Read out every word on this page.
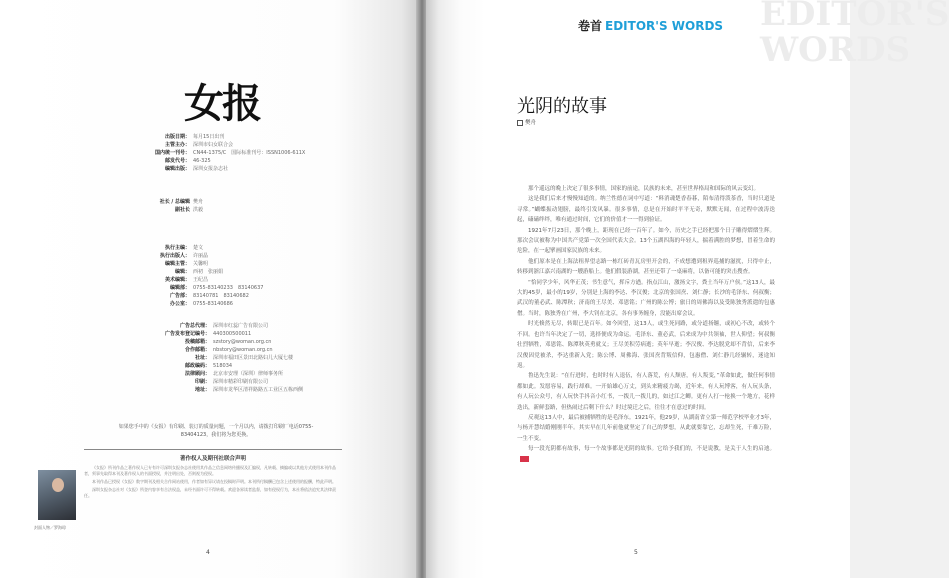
女报
出版日期： 每月15日出刊
主管主办： 深圳市妇女联合会
国内统一刊号： CN44-1375/C　国际标准刊号：ISSN1006-611X
邮发代号： 46-325
编辑出版： 深圳女报杂志社
社长 / 总编辑 樊舟
副社长 洪毅
执行主编： 楚文
执行出版人： 许丽晶
编辑主管： 关馨明
编辑： 西初　张丽娟
美术编辑： 王纪昌
编辑部： 0755-83140233　83140637
广告部： 83140781　83140682
办公室： 0755-83140686
广告总代理： 深圳市红蕊广告有限公司
广告发布登记编号： 440300500011
投稿邮箱： szstory@woman.org.cn
合作邮箱： nbstory@woman.org.cn
社址： 深圳市福田区景田北路妇儿大厦七楼
邮政编码： 518034
法律顾问： 北京市安理（深圳）律师事务所
印刷： 深圳市精彩印刷有限公司
地址： 深圳市龙华区清祥路路五工业区五栋西侧
如果您手中的《女报》有印刷、装订的质量问题，一个月以内，请拨打印刷厂电话0755-83404123，我们将为您更换。
著作权人及期刊社联合声明

《女报》所刊作品之著作权人已专有许可深圳女报杂志社使用其作品之信息网络传播权及汇编权，凡转载、摘编或以其他方式使用本刊作品者，须事先取得本刊及著作权人的书面授权，并注明出处，否则视为侵权。

本刊作品已授权《女报》数字期刊及相关合作网站使用，作者如有异议请在投稿时声明。本刊所付稿酬已包含上述使用的报酬，特此声明。

深圳女报杂志社对《女报》所登内容享有合法权益，未经书面许可不得转载。欢迎各界读者监督，如有侵权行为，本社将依法追究其法律责任。

封面人物／罗海琼
4
EDITOR'S WORDS
卷首 EDITOR'S WORDS
光阴的故事
樊舟

那个遥远的晚上决定了很多事情，国家的前途，民族的未来，甚至世界格局和国际的风云变幻。

这是我们后来才慢慢知道的。纳兰性德在词中写道：“料消魂楚香春暮，陌布清得泼茶香，当时只道是寻常。”蝴蝶振动翅膀，最终引发风暴。很多事情，总是在开始时平平无奇，默默无闻，在过程中波涛迭起，磕磕绊绊，唯有通过时间，它们的价值才一一得到验证。

1921年7月23日，那个晚上，距现在已经一百年了。如今，历史之手已经把那个日子雕得熠熠生辉。那次会议被称为中国共产党第一次全国代表大会。13个五湖四海的年轻人，揣着满腔的梦想，冒着生命的危险，在一起擘画国家民族的未来。

他们原本是在上海法租界望志路一栋红砖青瓦房里开会的，不成想遭到租界巡捕的滋扰，只得中止，转移到浙江嘉兴南湖的一艘游船上。他们假装游湖，甚至还带了一桌麻将，以备可能的突击搜查。

“恰同学少年，风华正茂；书生意气，挥斥方遒。指点江山，激扬文字，粪土当年万户侯。”这13人，最大的45岁，最小的19岁，分别是上海的李达、李汉俊；北京的张国焘、刘仁静；长沙的毛泽东、何叔衡；武汉的董必武、陈潭秋；济南的王尽美、邓恩铭；广州的陈公博；旅日的周佛海以及受陈独秀派遣的包惠僧。当时，陈独秀在广州，李大钊在北京，各有事务缠身，没能出席会议。

时光倏然无尽，转眼已是百年。如今回望，这13人，或生死同路，或分道扬镳，或初心不改，或转个不回。也许当年决定了一切，选择便成为命运。毛泽东、董必武，后来成为中共领袖，世人仰望；何叔衡壮烈牺牲，邓恩铭、陈潭秋英勇就义；王尽美积劳病逝；英年早逝；李汉俊、李达脱党却不背信，后来李汉俊因党被杀，李达重新入党；陈公博、周佛海、张国焘背叛信仰，包惠僧、刘仁静几经辗转，迷途知返。

鲁迅先生说：“在行进时，也时时有人退伍，有人落荒，有人颓唐，有人叛变，”革命如此，做任何事情都如此。发愿容易，践行却难。一开始雄心万丈，到头来精疲力竭，近年来，有人玩博客，有人玩头条，有人玩公众号，有人玩快手抖音小红书，一拨儿一拨儿的，如过江之鲫。更有人打一枪换一个地方，花样迭出，新鲜套路，但热闹过后剩下什么？时过境迁之后，往往才在意过的时间。

反观这13人中，最后被捕牺牲的是毛泽东。1921年，他29岁，从湖南省立第一师范学校毕业才3年，与杨开慧结婚刚刚半年。其实早在几年前他就坚定了自己的梦想，从此就要靠它，忘却生死，千难万险，一生不变。

每一段光阴都有故事，每一个故事都是光阴的故事。它给予我们的，不是说教，是关于人生的启迪。

5
